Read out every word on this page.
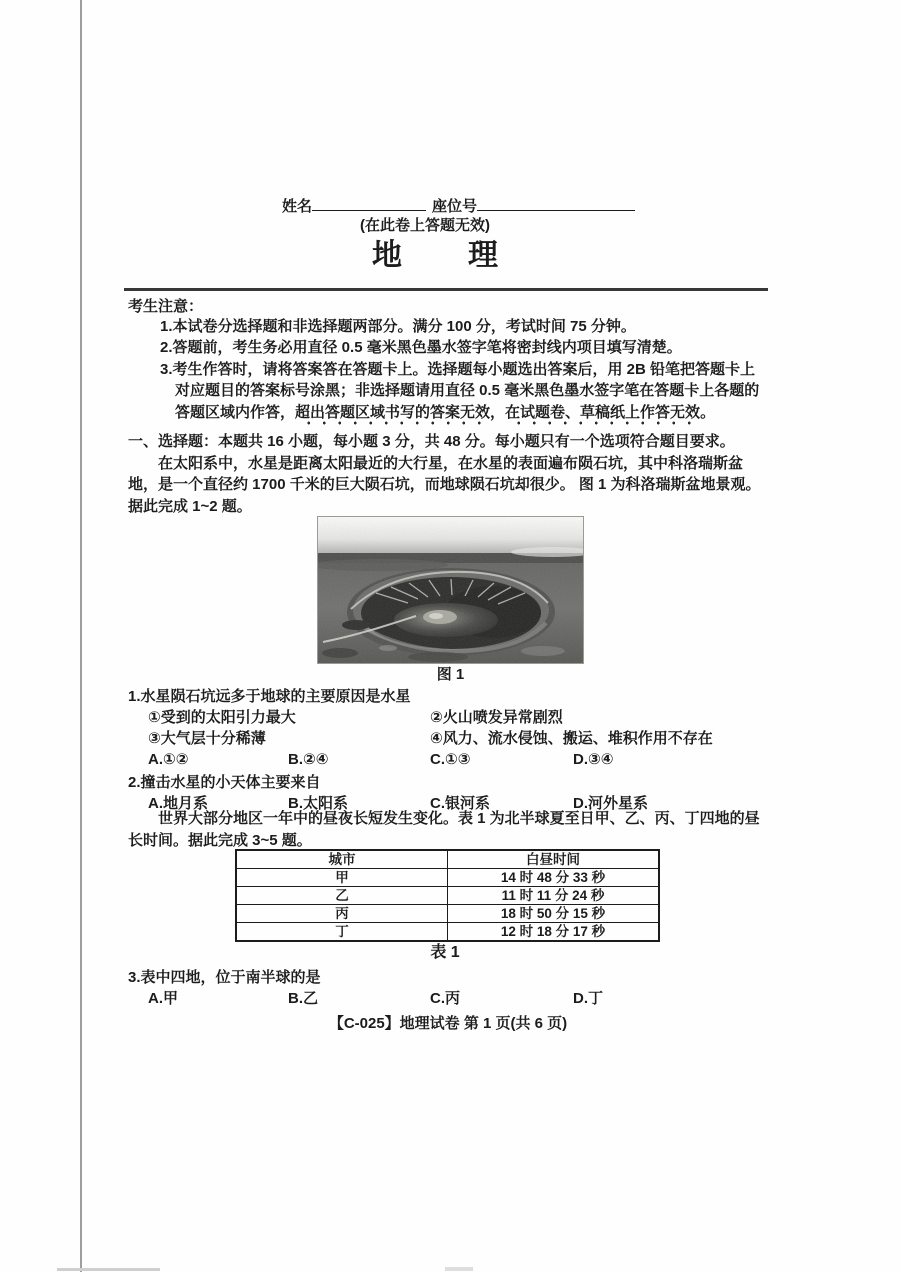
姓名	座位号
(在此卷上答题无效)
地　　理
考生注意：
1.本试卷分选择题和非选择题两部分。满分 100 分，考试时间 75 分钟。
2.答题前，考生务必用直径 0.5 毫米黑色墨水签字笔将密封线内项目填写清楚。
3.考生作答时，请将答案答在答题卡上。选择题每小题选出答案后，用 2B 铅笔把答题卡上对应题目的答案标号涂黑；非选择题请用直径 0.5 毫米黑色墨水签字笔在答题卡上各题的答题区域内作答，超出答题区域书写的答案无效，在试题卷、草稿纸上作答无效。
一、选择题：本题共 16 小题，每小题 3 分，共 48 分。每小题只有一个选项符合题目要求。

在太阳系中，水星是距离太阳最近的大行星，在水星的表面遍布陨石坑，其中科洛瑞斯盆地，是一个直径约 1700 千米的巨大陨石坑，而地球陨石坑却很少。 图 1 为科洛瑞斯盆地景观。据此完成 1~2 题。

图 1
1.水星陨石坑远多于地球的主要原因是水星
①受到的太阳引力最大	②火山喷发异常剧烈
③大气层十分稀薄	④风力、流水侵蚀、搬运、堆积作用不存在
A.①②	B.②④	C.①③	D.③④
2.撞击水星的小天体主要来自
A.地月系	B.太阳系	C.银河系	D.河外星系

世界大部分地区一年中的昼夜长短发生变化。表 1 为北半球夏至日甲、乙、丙、丁四地的昼长时间。据此完成 3~5 题。

城市	白昼时间
甲	14 时 48 分 33 秒
乙	11 时 11 分 24 秒
丙	18 时 50 分 15 秒
丁	12 时 18 分 17 秒
表 1
3.表中四地，位于南半球的是
A.甲	B.乙	C.丙	D.丁
【C-025】地理试卷 第 1 页(共 6 页)
